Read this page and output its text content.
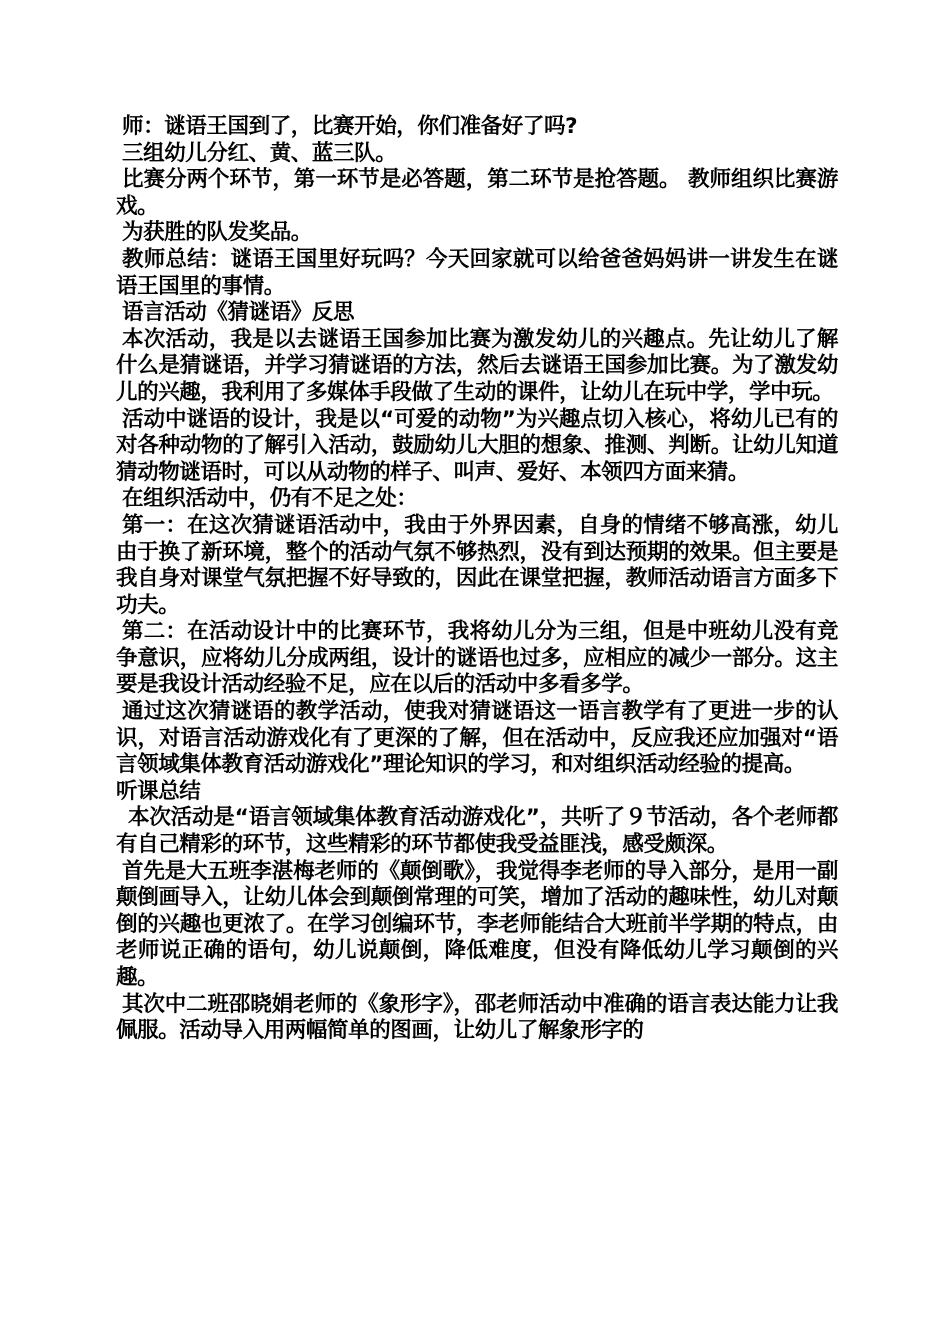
师：谜语王国到了，比赛开始，你们准备好了吗?

三组幼儿分红、黄、蓝三队。

比赛分两个环节，第一环节是必答题，第二环节是抢答题。 教师组织比赛游戏。

为获胜的队发奖品。

教师总结：谜语王国里好玩吗？今天回家就可以给爸爸妈妈讲一讲发生在谜语王国里的事情。

语言活动《猜谜语》反思

本次活动，我是以去谜语王国参加比赛为激发幼儿的兴趣点。先让幼儿了解什么是猜谜语，并学习猜谜语的方法，然后去谜语王国参加比赛。为了激发幼儿的兴趣，我利用了多媒体手段做了生动的课件，让幼儿在玩中学，学中玩。

活动中谜语的设计，我是以“可爱的动物”为兴趣点切入核心，将幼儿已有的对各种动物的了解引入活动，鼓励幼儿大胆的想象、推测、判断。让幼儿知道猜动物谜语时，可以从动物的样子、叫声、爱好、本领四方面来猜。

在组织活动中，仍有不足之处：

第一：在这次猜谜语活动中，我由于外界因素，自身的情绪不够高涨，幼儿由于换了新环境，整个的活动气氛不够热烈，没有到达预期的效果。但主要是我自身对课堂气氛把握不好导致的，因此在课堂把握，教师活动语言方面多下功夫。

第二：在活动设计中的比赛环节，我将幼儿分为三组，但是中班幼儿没有竞争意识，应将幼儿分成两组，设计的谜语也过多，应相应的减少一部分。这主要是我设计活动经验不足，应在以后的活动中多看多学。

通过这次猜谜语的教学活动，使我对猜谜语这一语言教学有了更进一步的认识，对语言活动游戏化有了更深的了解，但在活动中，反应我还应加强对“语言领域集体教育活动游戏化”理论知识的学习，和对组织活动经验的提高。

听课总结

本次活动是“语言领域集体教育活动游戏化”，共听了９节活动，各个老师都有自己精彩的环节，这些精彩的环节都使我受益匪浅，感受颇深。

首先是大五班李湛梅老师的《颠倒歌》，我觉得李老师的导入部分，是用一副颠倒画导入，让幼儿体会到颠倒常理的可笑，增加了活动的趣味性，幼儿对颠倒的兴趣也更浓了。在学习创编环节，李老师能结合大班前半学期的特点，由老师说正确的语句，幼儿说颠倒，降低难度，但没有降低幼儿学习颠倒的兴趣。

其次中二班邵晓娟老师的《象形字》，邵老师活动中准确的语言表达能力让我佩服。活动导入用两幅简单的图画，让幼儿了解象形字的
